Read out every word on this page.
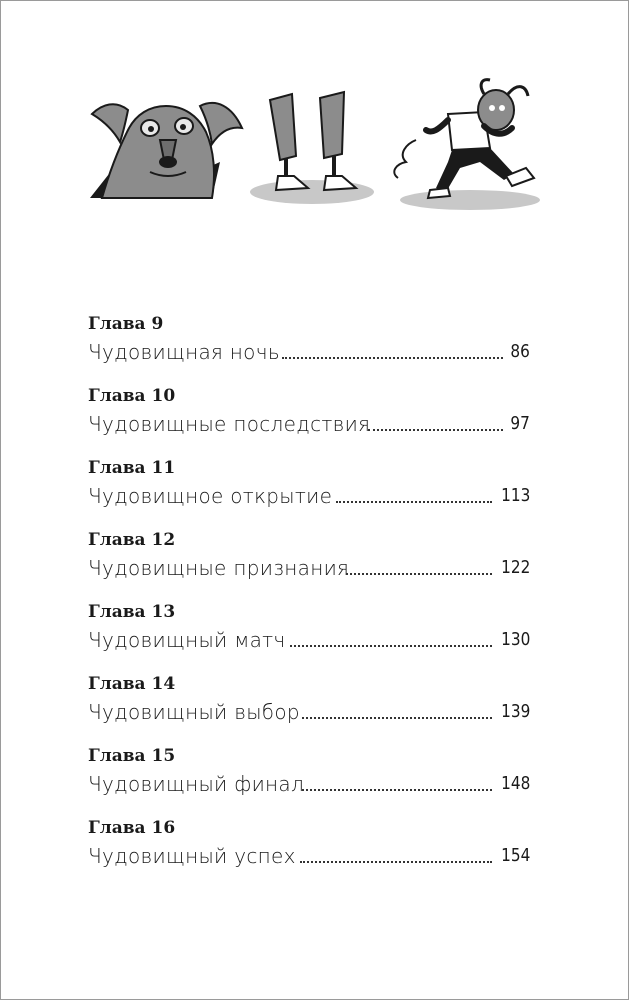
Глава 9
Чудовищная ночь	86
Глава 10
Чудовищные последствия	97
Глава 11
Чудовищное открытие	113
Глава 12
Чудовищные признания	122
Глава 13
Чудовищный матч	130
Глава 14
Чудовищный выбор	139
Глава 15
Чудовищный финал	148
Глава 16
Чудовищный успех	154
